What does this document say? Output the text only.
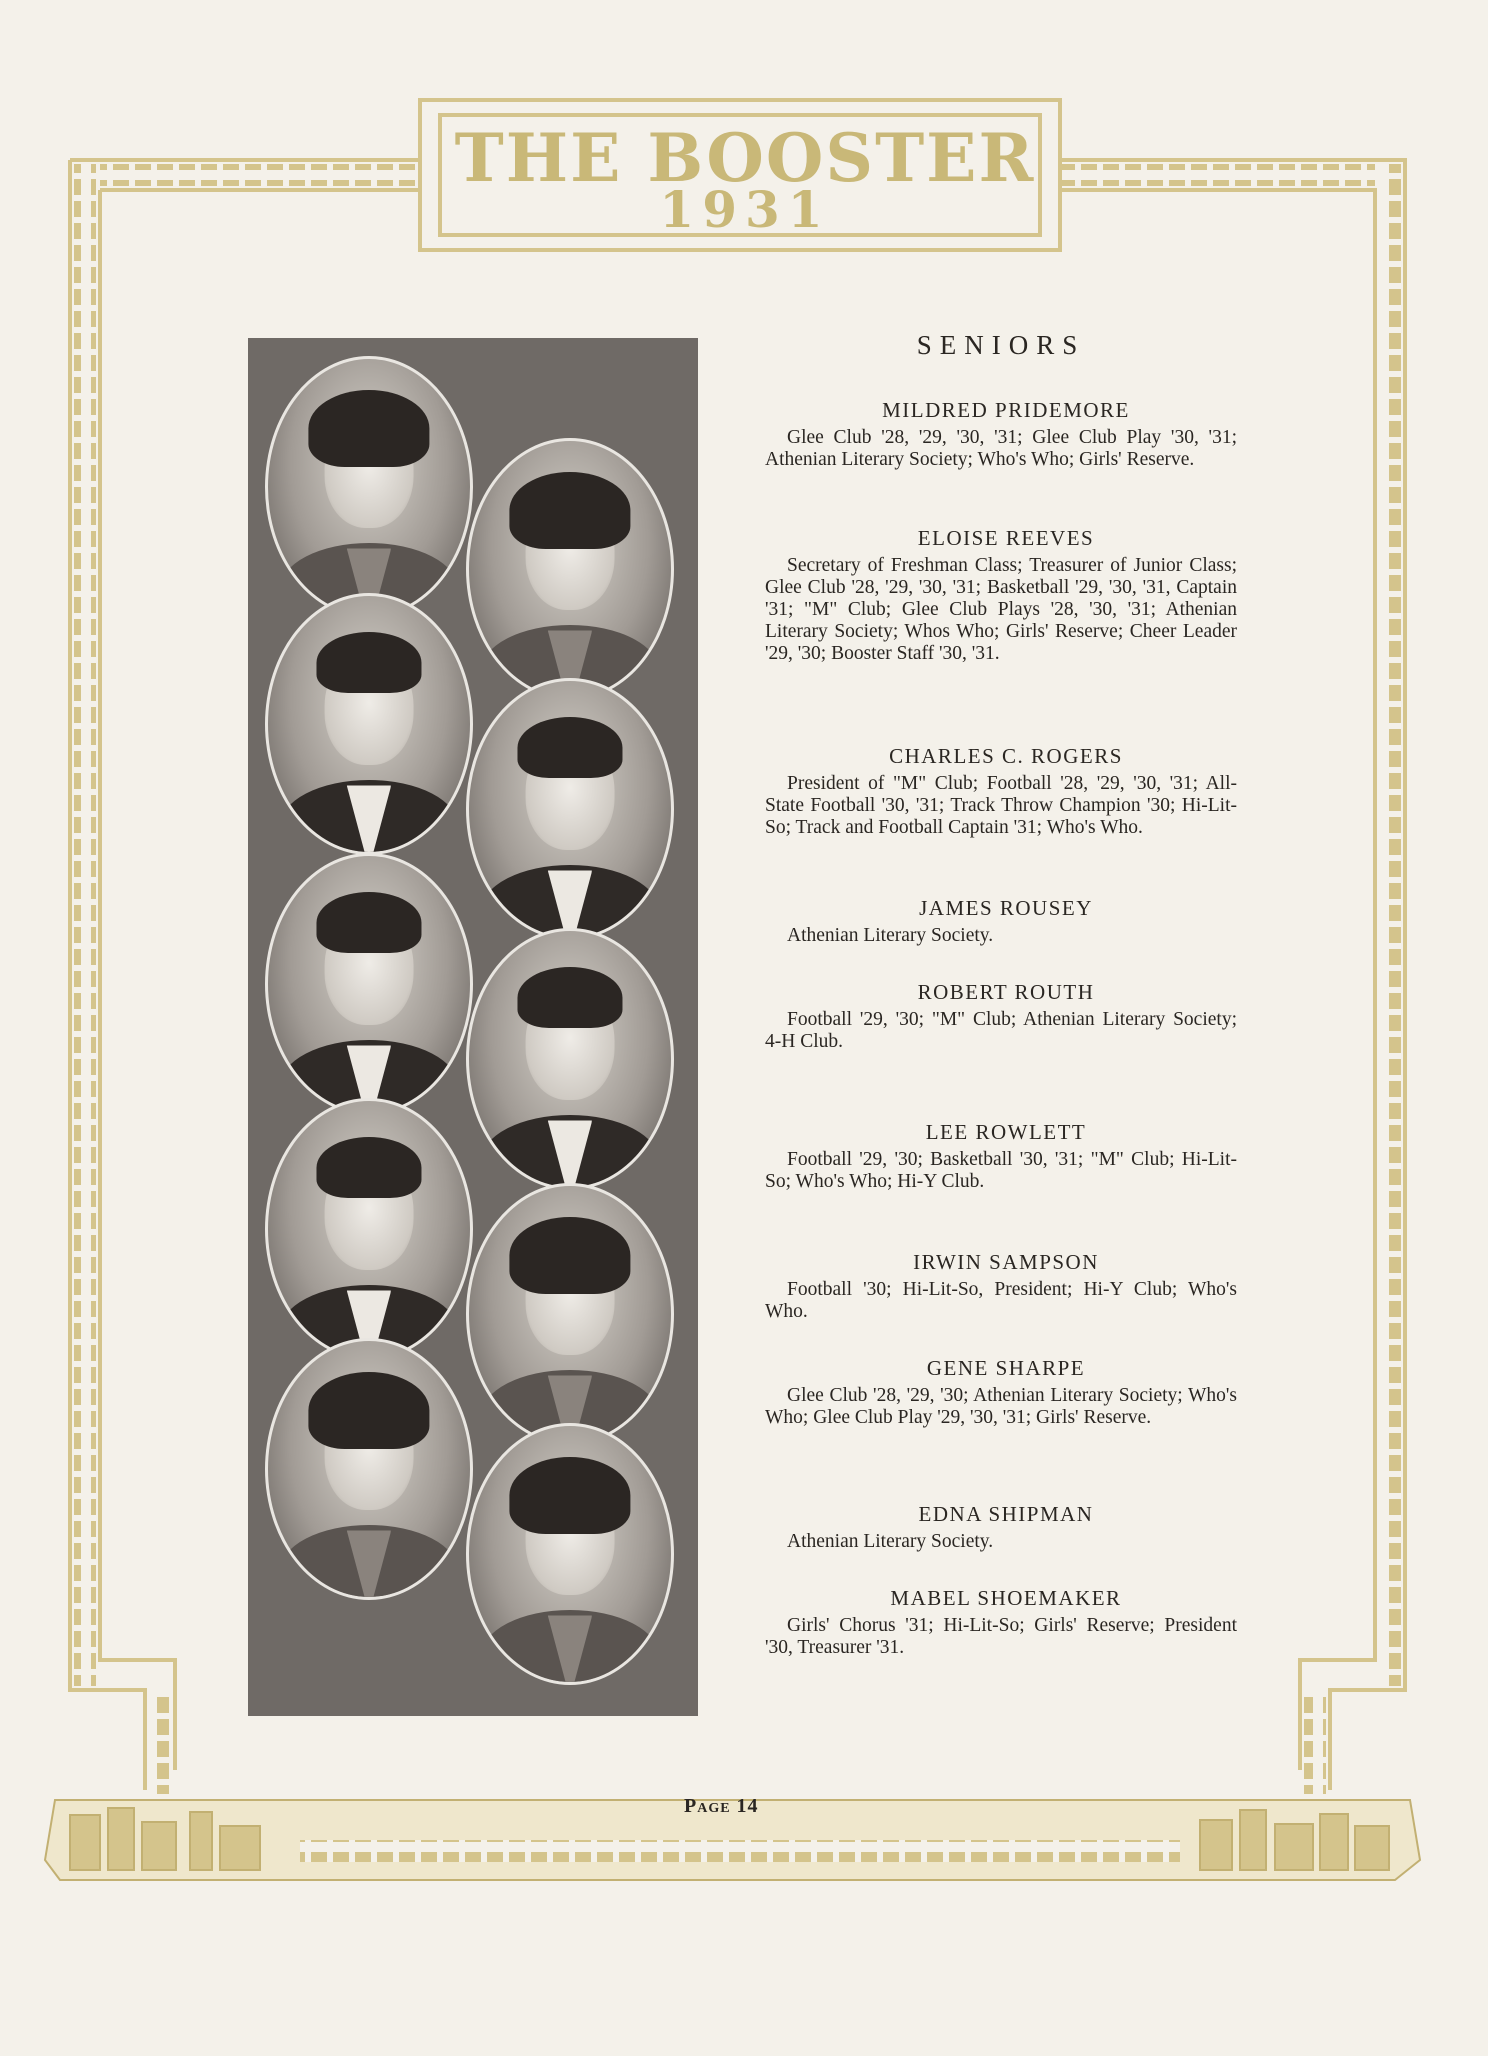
THE BOOSTER
1931
SENIORS
MILDRED PRIDEMORE
Glee Club '28, '29, '30, '31; Glee Club Play '30, '31; Athenian Literary Society; Who's Who; Girls' Reserve.
ELOISE REEVES
Secretary of Freshman Class; Treasurer of Junior Class; Glee Club '28, '29, '30, '31; Basketball '29, '30, '31, Captain '31; "M" Club; Glee Club Plays '28, '30, '31; Athenian Literary Society; Whos Who; Girls' Reserve; Cheer Leader '29, '30; Booster Staff '30, '31.
CHARLES C. ROGERS
President of "M" Club; Football '28, '29, '30, '31; All-State Football '30, '31; Track Throw Champion '30; Hi-Lit-So; Track and Football Captain '31; Who's Who.
JAMES ROUSEY
Athenian Literary Society.
ROBERT ROUTH
Football '29, '30; "M" Club; Athenian Literary Society; 4-H Club.
LEE ROWLETT
Football '29, '30; Basketball '30, '31; "M" Club; Hi-Lit-So; Who's Who; Hi-Y Club.
IRWIN SAMPSON
Football '30; Hi-Lit-So, President; Hi-Y Club; Who's Who.
GENE SHARPE
Glee Club '28, '29, '30; Athenian Literary Society; Who's Who; Glee Club Play '29, '30, '31; Girls' Reserve.
EDNA SHIPMAN
Athenian Literary Society.
MABEL SHOEMAKER
Girls' Chorus '31; Hi-Lit-So; Girls' Reserve; President '30, Treasurer '31.
Page 14
